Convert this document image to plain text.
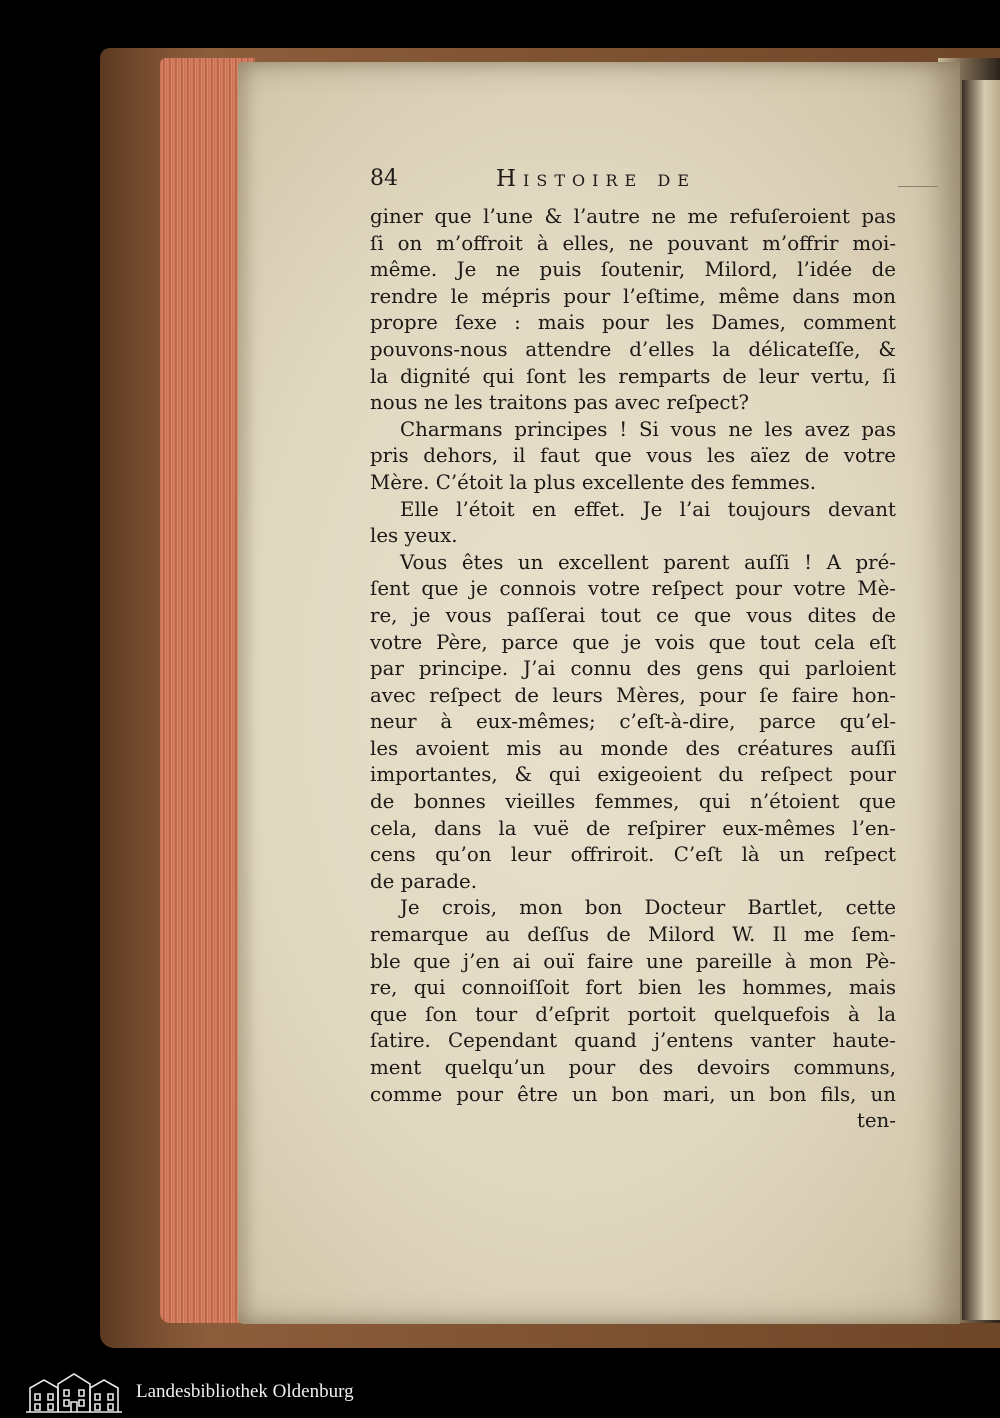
84	Histoire de
giner que l’une & l’autre ne me refuſeroient pas
ſi on m’offroit à elles, ne pouvant m’offrir moi-
même. Je ne puis ſoutenir, Milord, l’idée de
rendre le mépris pour l’eſtime, même dans mon
propre ſexe : mais pour les Dames, comment
pouvons-nous attendre d’elles la délicateſſe, &
la dignité qui ſont les remparts de leur vertu, ſi
nous ne les traitons pas avec reſpect?
Charmans principes ! Si vous ne les avez pas
pris dehors, il faut que vous les aïez de votre
Mère. C’étoit la plus excellente des femmes.
Elle l’étoit en effet. Je l’ai toujours devant
les yeux.
Vous êtes un excellent parent auſſi ! A pré-
ſent que je connois votre reſpect pour votre Mè-
re, je vous paſſerai tout ce que vous dites de
votre Père, parce que je vois que tout cela eſt
par principe. J’ai connu des gens qui parloient
avec reſpect de leurs Mères, pour ſe faire hon-
neur à eux-mêmes; c’eſt-à-dire, parce qu’el-
les avoient mis au monde des créatures auſſi
importantes, & qui exigeoient du reſpect pour
de bonnes vieilles femmes, qui n’étoient que
cela, dans la vuë de reſpirer eux-mêmes l’en-
cens qu’on leur offriroit. C’eſt là un reſpect
de parade.
Je crois, mon bon Docteur Bartlet, cette
remarque au deſſus de Milord W. Il me ſem-
ble que j’en ai ouï faire une pareille à mon Pè-
re, qui connoiſſoit fort bien les hommes, mais
que ſon tour d’eſprit portoit quelquefois à la
ſatire. Cependant quand j’entens vanter haute-
ment quelqu’un pour des devoirs communs,
comme pour être un bon mari, un bon fils, un
ten-
Landesbibliothek Oldenburg
